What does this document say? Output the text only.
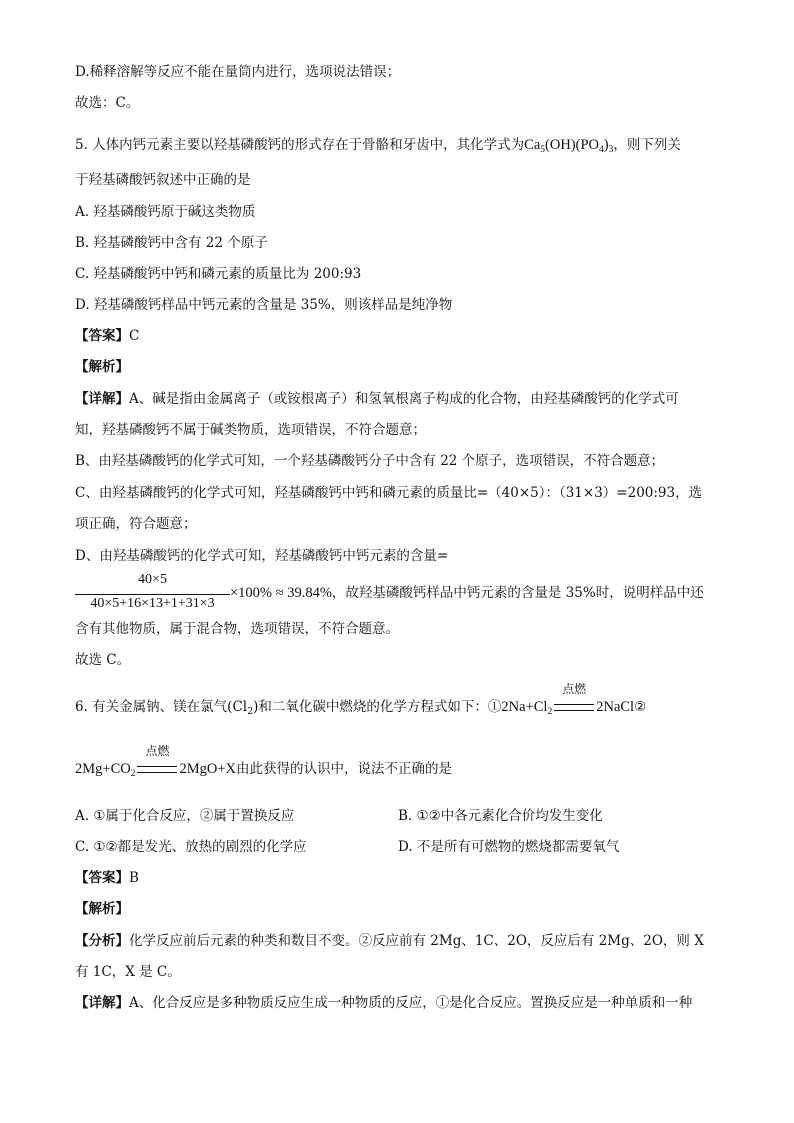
D.稀释溶解等反应不能在量筒内进行，选项说法错误；
故选：C。
5. 人体内钙元素主要以羟基磷酸钙的形式存在于骨骼和牙齿中，其化学式为$Ca_5(OH)(PO_4)_3$，则下列关
于羟基磷酸钙叙述中正确的是
A. 羟基磷酸钙原于碱这类物质
B. 羟基磷酸钙中含有 22 个原子
C. 羟基磷酸钙中钙和磷元素的质量比为 200:93
D. 羟基磷酸钙样品中钙元素的含量是 35%，则该样品是纯净物
【答案】C
【解析】
【详解】A、碱是指由金属离子（或铵根离子）和氢氧根离子构成的化合物，由羟基磷酸钙的化学式可
知，羟基磷酸钙不属于碱类物质，选项错误，不符合题意；
B、由羟基磷酸钙的化学式可知，一个羟基磷酸钙分子中含有 22 个原子，选项错误，不符合题意；
C、由羟基磷酸钙的化学式可知，羟基磷酸钙中钙和磷元素的质量比=（40×5）：（31×3）=200:93，选
项正确，符合题意；
D、由羟基磷酸钙的化学式可知，羟基磷酸钙中钙元素的含量=
40×5
40×5+16×13+1+31×3
×100% ≈ 39.84%，故羟基磷酸钙样品中钙元素的含量是 35%时，说明样品中还
含有其他物质，属于混合物，选项错误，不符合题意。
故选 C。
6. 有关金属钠、镁在氯气$(Cl_2)$和二氧化碳中燃烧的化学方程式如下：$①2Na+Cl_2$
点燃
2NaCl②
$2Mg+CO_2$
点燃
2MgO+X由此获得的认识中，说法不正确的是
A. ①属于化合反应，②属于置换反应	B. ①②中各元素化合价均发生变化
C. ①②都是发光、放热的剧烈的化学应	D. 不是所有可燃物的燃烧都需要氧气
【答案】B
【解析】
【分析】化学反应前后元素的种类和数目不变。②反应前有 2Mg、1C、2O，反应后有 2Mg、2O，则 X
有 1C，X 是 C。
【详解】A、化合反应是多种物质反应生成一种物质的反应，①是化合反应。置换反应是一种单质和一种
